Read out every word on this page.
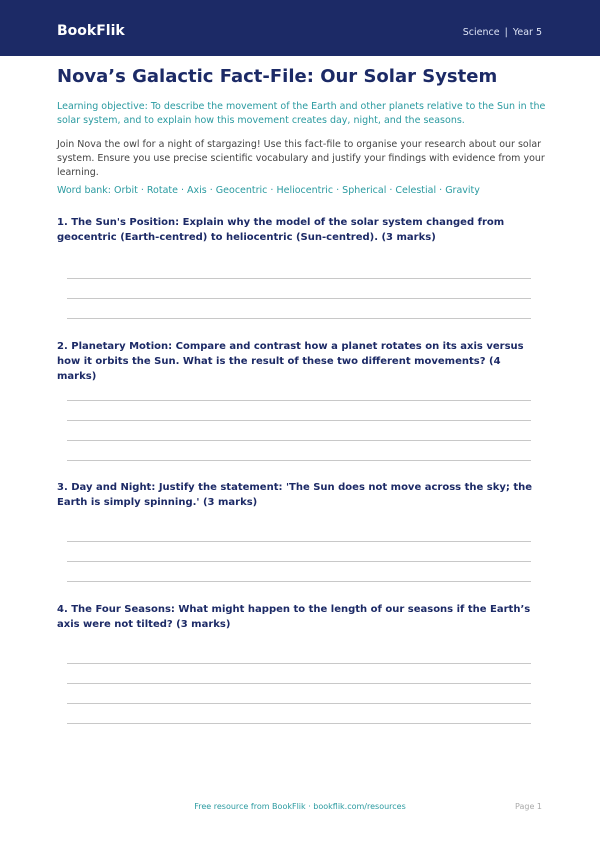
BookFlik	Science | Year 5
Nova’s Galactic Fact-File: Our Solar System

Learning objective: To describe the movement of the Earth and other planets relative to the Sun in the solar system, and to explain how this movement creates day, night, and the seasons.

Join Nova the owl for a night of stargazing! Use this fact-file to organise your research about our solar system. Ensure you use precise scientific vocabulary and justify your findings with evidence from your learning.

Word bank: Orbit · Rotate · Axis · Geocentric · Heliocentric · Spherical · Celestial · Gravity

1. The Sun's Position: Explain why the model of the solar system changed from geocentric (Earth-centred) to heliocentric (Sun-centred). (3 marks)

2. Planetary Motion: Compare and contrast how a planet rotates on its axis versus how it orbits the Sun. What is the result of these two different movements? (4 marks)

3. Day and Night: Justify the statement: 'The Sun does not move across the sky; the Earth is simply spinning.' (3 marks)

4. The Four Seasons: What might happen to the length of our seasons if the Earth’s axis were not tilted? (3 marks)

Free resource from BookFlik · bookflik.com/resources	Page 1
